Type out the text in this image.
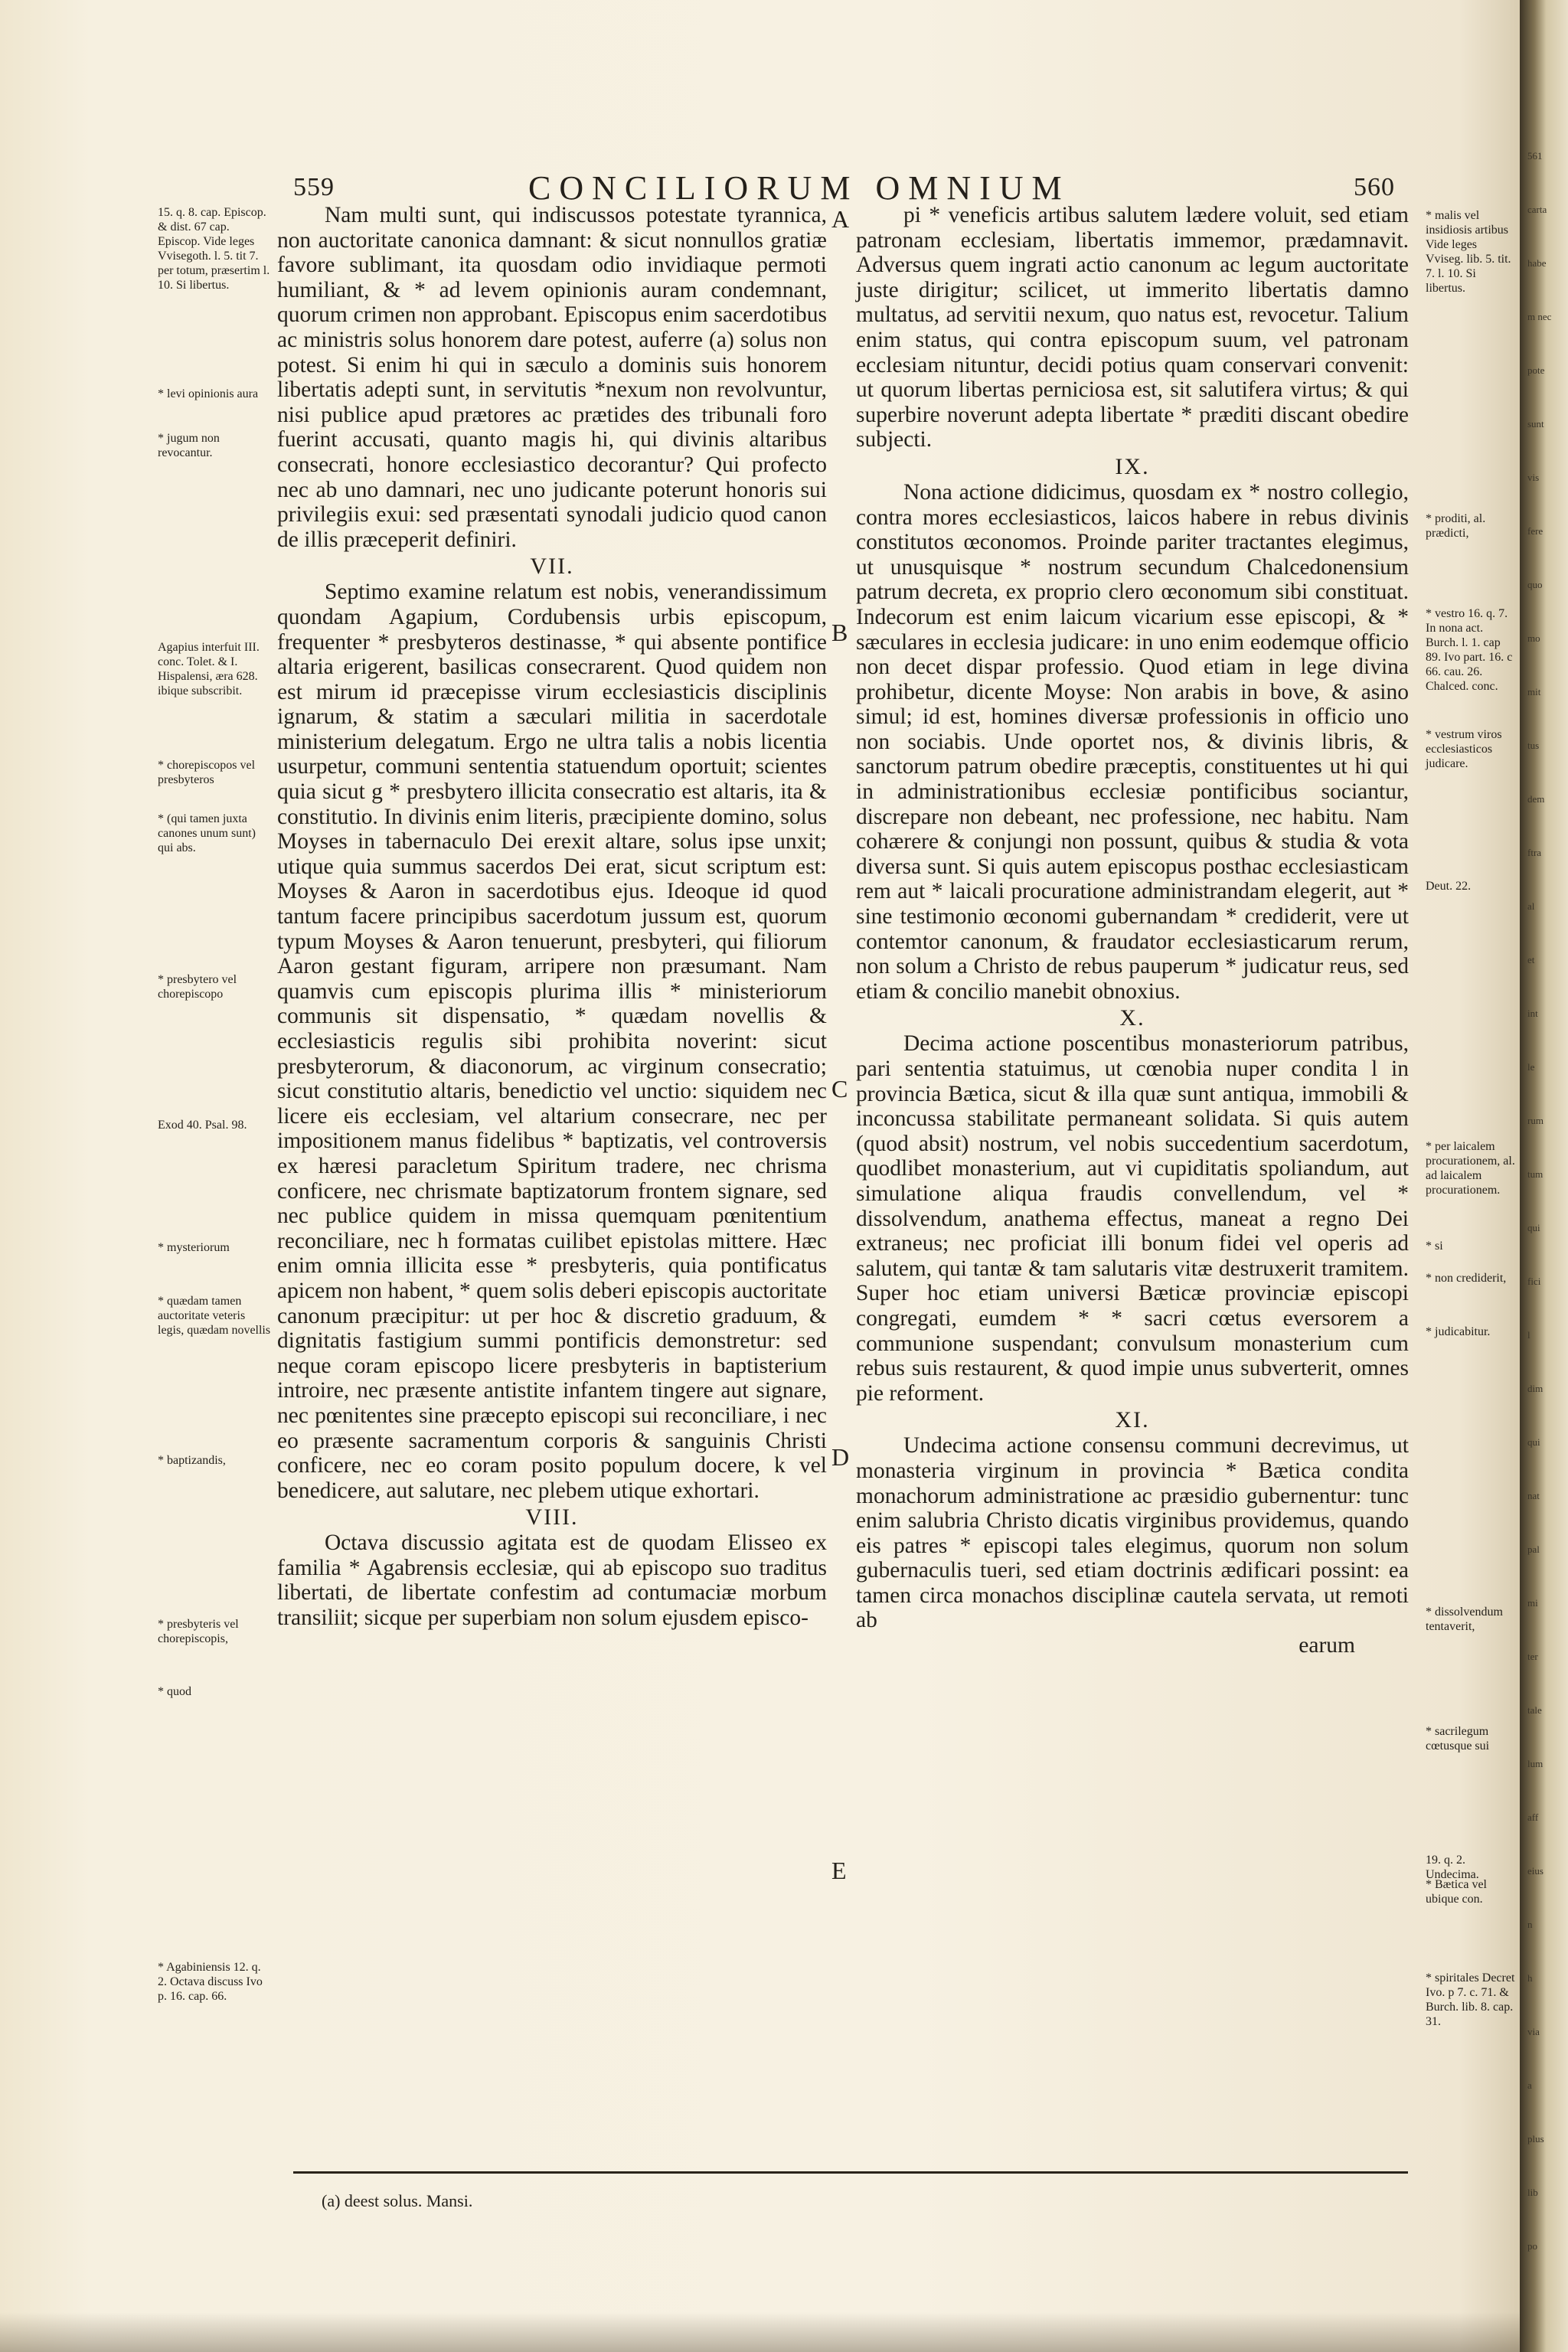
559	CONCILIORUM OMNIUM	560

Nam multi sunt, qui indiscussos potestate tyrannica, non auctoritate canonica damnant: & sicut nonnullos gratiæ favore sublimant, ita quosdam odio invidiaque permoti humiliant, & * ad levem opinionis auram condemnant, quorum crimen non approbant. Episcopus enim sacerdotibus ac ministris solus honorem dare potest, auferre (a) solus non potest. Si enim hi qui in sæculo a dominis suis honorem libertatis adepti sunt, in servitutis *nexum non revolvuntur, nisi publice apud prætores ac prætides des tribunali foro fuerint accusati, quanto magis hi, qui divinis altaribus consecrati, honore ecclesiastico decorantur? Qui profecto nec ab uno damnari, nec uno judicante poterunt honoris sui privilegiis exui: sed præsentati synodali judicio quod canon de illis præceperit definiri.

VII.

Septimo examine relatum est nobis, venerandissimum quondam Agapium, Cordubensis urbis episcopum, frequenter * presbyteros destinasse, * qui absente pontifice altaria erigerent, basilicas consecrarent. Quod quidem non est mirum id præcepisse virum ecclesiasticis disciplinis ignarum, & statim a sæculari militia in sacerdotale ministerium delegatum. Ergo ne ultra talis a nobis licentia usurpetur, communi sententia statuendum oportuit; scientes quia sicut g * presbytero illicita consecratio est altaris, ita & constitutio. In divinis enim literis, præcipiente domino, solus Moyses in tabernaculo Dei erexit altare, solus ipse unxit; utique quia summus sacerdos Dei erat, sicut scriptum est: Moyses & Aaron in sacerdotibus ejus. Ideoque id quod tantum facere principibus sacerdotum jussum est, quorum typum Moyses & Aaron tenuerunt, presbyteri, qui filiorum Aaron gestant figuram, arripere non præsumant. Nam quamvis cum episcopis plurima illis * ministeriorum communis sit dispensatio, * quædam novellis & ecclesiasticis regulis sibi prohibita noverint: sicut presbyterorum, & diaconorum, ac virginum consecratio; sicut constitutio altaris, benedictio vel unctio: siquidem nec licere eis ecclesiam, vel altarium consecrare, nec per impositionem manus fidelibus * baptizatis, vel controversis ex hæresi paracletum Spiritum tradere, nec chrisma conficere, nec chrismate baptizatorum frontem signare, sed nec publice quidem in missa quemquam pœnitentium reconciliare, nec h formatas cuilibet epistolas mittere. Hæc enim omnia illicita esse * presbyteris, quia pontificatus apicem non habent, * quem solis deberi episcopis auctoritate canonum præcipitur: ut per hoc & discretio graduum, & dignitatis fastigium summi pontificis demonstretur: sed neque coram episcopo licere presbyteris in baptisterium introire, nec præsente antistite infantem tingere aut signare, nec pœnitentes sine præcepto episcopi sui reconciliare, i nec eo præsente sacramentum corporis & sanguinis Christi conficere, nec eo coram posito populum docere, k vel benedicere, aut salutare, nec plebem utique exhortari.

VIII.

Octava discussio agitata est de quodam Elisseo ex familia * Agabrensis ecclesiæ, qui ab episcopo suo traditus libertati, de libertate confestim ad contumaciæ morbum transiliit; sicque per superbiam non solum ejusdem episco-

pi * veneficis artibus salutem lædere voluit, sed etiam patronam ecclesiam, libertatis immemor, prædamnavit. Adversus quem ingrati actio canonum ac legum auctoritate juste dirigitur; scilicet, ut immerito libertatis damno multatus, ad servitii nexum, quo natus est, revocetur. Talium enim status, qui contra episcopum suum, vel patronam ecclesiam nituntur, decidi potius quam conservari convenit: ut quorum libertas perniciosa est, sit salutifera virtus; & qui superbire noverunt adepta libertate * præditi discant obedire subjecti.

IX.

Nona actione didicimus, quosdam ex * nostro collegio, contra mores ecclesiasticos, laicos habere in rebus divinis constitutos œconomos. Proinde pariter tractantes elegimus, ut unusquisque * nostrum secundum Chalcedonensium patrum decreta, ex proprio clero œconomum sibi constituat. Indecorum est enim laicum vicarium esse episcopi, & * sæculares in ecclesia judicare: in uno enim eodemque officio non decet dispar professio. Quod etiam in lege divina prohibetur, dicente Moyse: Non arabis in bove, & asino simul; id est, homines diversæ professionis in officio uno non sociabis. Unde oportet nos, & divinis libris, & sanctorum patrum obedire præceptis, constituentes ut hi qui in administrationibus ecclesiæ pontificibus sociantur, discrepare non debeant, nec professione, nec habitu. Nam cohærere & conjungi non possunt, quibus & studia & vota diversa sunt. Si quis autem episcopus posthac ecclesiasticam rem aut * laicali procuratione administrandam elegerit, aut * sine testimonio œconomi gubernandam * crediderit, vere ut contemtor canonum, & fraudator ecclesiasticarum rerum, non solum a Christo de rebus pauperum * judicatur reus, sed etiam & concilio manebit obnoxius.

X.

Decima actione poscentibus monasteriorum patribus, pari sententia statuimus, ut cœnobia nuper condita l in provincia Bætica, sicut & illa quæ sunt antiqua, immobili & inconcussa stabilitate permaneant solidata. Si quis autem (quod absit) nostrum, vel nobis succedentium sacerdotum, quodlibet monasterium, aut vi cupiditatis spoliandum, aut simulatione aliqua fraudis convellendum, vel * dissolvendum, anathema effectus, maneat a regno Dei extraneus; nec proficiat illi bonum fidei vel operis ad salutem, qui tantæ & tam salutaris vitæ destruxerit tramitem. Super hoc etiam universi Bæticæ provinciæ episcopi congregati, eumdem * * sacri cœtus eversorem a communione suspendant; convulsum monasterium cum rebus suis restaurent, & quod impie unus subverterit, omnes pie reforment.

XI.

Undecima actione consensu communi decrevimus, ut monasteria virginum in provincia * Bætica condita monachorum administratione ac præsidio gubernentur: tunc enim salubria Christo dicatis virginibus providemus, quando eis patres * episcopi tales elegimus, quorum non solum gubernaculis tueri, sed etiam doctrinis ædificari possint: ea tamen circa monachos disciplinæ cautela servata, ut remoti ab

earum
15. q. 8. cap. Episcop. & dist. 67 cap. Episcop. Vide leges Vvisegoth. l. 5. tit 7. per totum, præsertim l. 10. Si libertus.
* levi opinionis aura
* jugum non revocantur.
Agapius interfuit III. conc. Tolet. & I. Hispalensi, æra 628. ibique subscribit.
* chorepiscopos vel presbyteros
* (qui tamen juxta canones unum sunt) qui abs.
* presbytero vel chorepiscopo
Exod 40. Psal. 98.
* mysteriorum
* quædam tamen auctoritate veteris legis, quædam novellis
* baptizandis,
* presbyteris vel chorepiscopis,
* quod
* Agabiniensis 12. q. 2. Octava discuss Ivo p. 16. cap. 66.
* malis vel insidiosis artibus Vide leges Vviseg. lib. 5. tit. 7. l. 10. Si libertus.
* proditi, al. prædicti,
* vestro 16. q. 7. In nona act. Burch. l. 1. cap 89. Ivo part. 16. c 66. cau. 26. Chalced. conc.
* vestrum viros ecclesiasticos judicare.
Deut. 22.
* per laicalem procurationem, al. ad laicalem procurationem.
* si
* non crediderit,
* judicabitur.
* dissolvendum tentaverit,
* sacrilegum cœtusque sui
19. q. 2. Undecima.
* Bætica vel ubique con.
* spiritales Decret Ivo. p 7. c. 71. & Burch. lib. 8. cap. 31.
A
B
C
D
E
(a) deest solus. Mansi.
561
carta
habe
m nec
pote
sunt
vis
fere
quo
mo
mit
tus
dem
ftra
al
et
int
le
rum
tum
qui
fici
l
dim
qui
nat
pal
mi
ter
tale
lum
aff
eius
n
h
via
a
plus
lib
po
